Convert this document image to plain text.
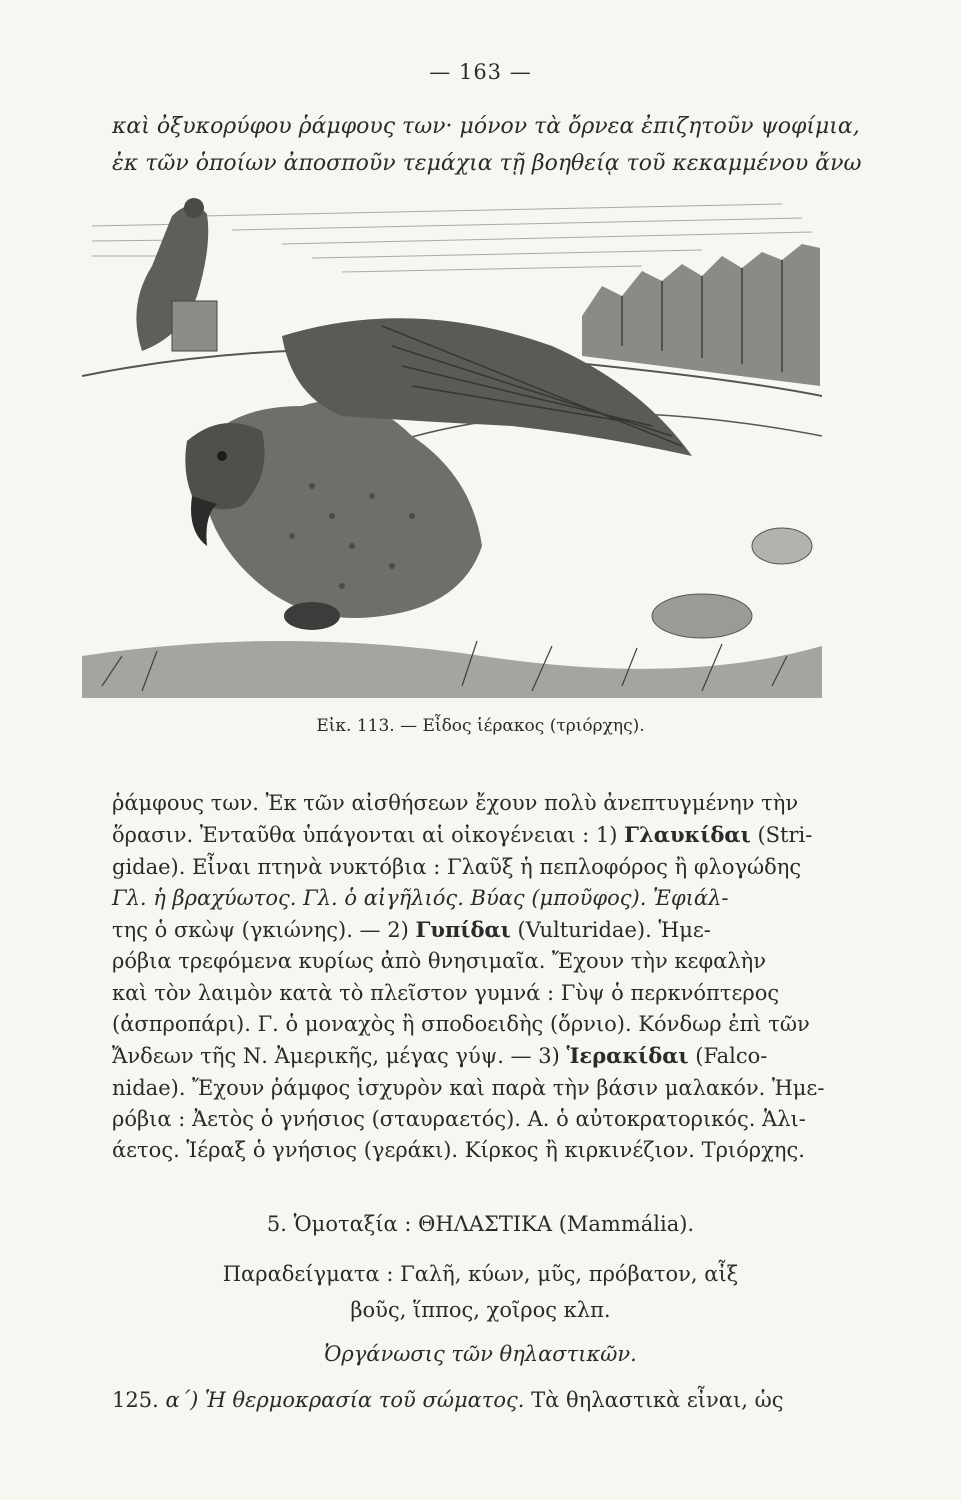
— 163 —
καὶ ὀξυκορύφου ῥάμφους των· μόνον τὰ ὄρνεα ἐπιζητοῦν ψοφίμια,
ἐκ τῶν ὁποίων ἀποσποῦν τεμάχια τῇ βοηθείᾳ τοῦ κεκαμμένου ἄνω
Εἰκ. 113. — Εἶδος ἱέρακος (τριόρχης).
ῥάμφους των. Ἐκ τῶν αἰσθήσεων ἔχουν πολὺ ἀνεπτυγμένην τὴν
ὅρασιν. Ἐνταῦθα ὑπάγονται αἱ οἰκογένειαι : 1) Γλαυκίδαι (Stri-
gidae). Εἶναι πτηνὰ νυκτόβια : Γλαῦξ ἡ πεπλοφόρος ἢ φλογώδης
Γλ. ἡ βραχύωτος. Γλ. ὁ αἰγῆλιός. Βύας (μποῦφος). Ἐφιάλ-
της ὁ σκὼψ (γκιώνης). — 2) Γυπίδαι (Vulturidae). Ἡμε-
ρόβια τρεφόμενα κυρίως ἀπὸ θνησιμαῖα. Ἔχουν τὴν κεφαλὴν
καὶ τὸν λαιμὸν κατὰ τὸ πλεῖστον γυμνά : Γὺψ ὁ περκνόπτερος
(ἀσπροπάρι). Γ. ὁ μοναχὸς ἢ σποδοειδὴς (ὄρνιο). Κόνδωρ ἐπὶ τῶν
Ἄνδεων τῆς Ν. Ἀμερικῆς, μέγας γύψ. — 3) Ἱερακίδαι (Falco-
nidae). Ἔχουν ῥάμφος ἰσχυρὸν καὶ παρὰ τὴν βάσιν μαλακόν. Ἡμε-
ρόβια : Ἀετὸς ὁ γνήσιος (σταυραετός). Α. ὁ αὐτοκρατορικός. Ἁλι-
άετος. Ἱέραξ ὁ γνήσιος (γεράκι). Κίρκος ἢ κιρκινέζιον. Τριόρχης.
5. Ὁμοταξία : ΘΗΛΑΣΤΙΚΑ (Mammália).
Παραδείγματα : Γαλῆ, κύων, μῦς, πρόβατον, αἶξ
βοῦς, ἵππος, χοῖρος κλπ.
Ὀργάνωσις τῶν θηλαστικῶν.
125. α΄) Ἡ θερμοκρασία τοῦ σώματος. Τὰ θηλαστικὰ εἶναι, ὡς
